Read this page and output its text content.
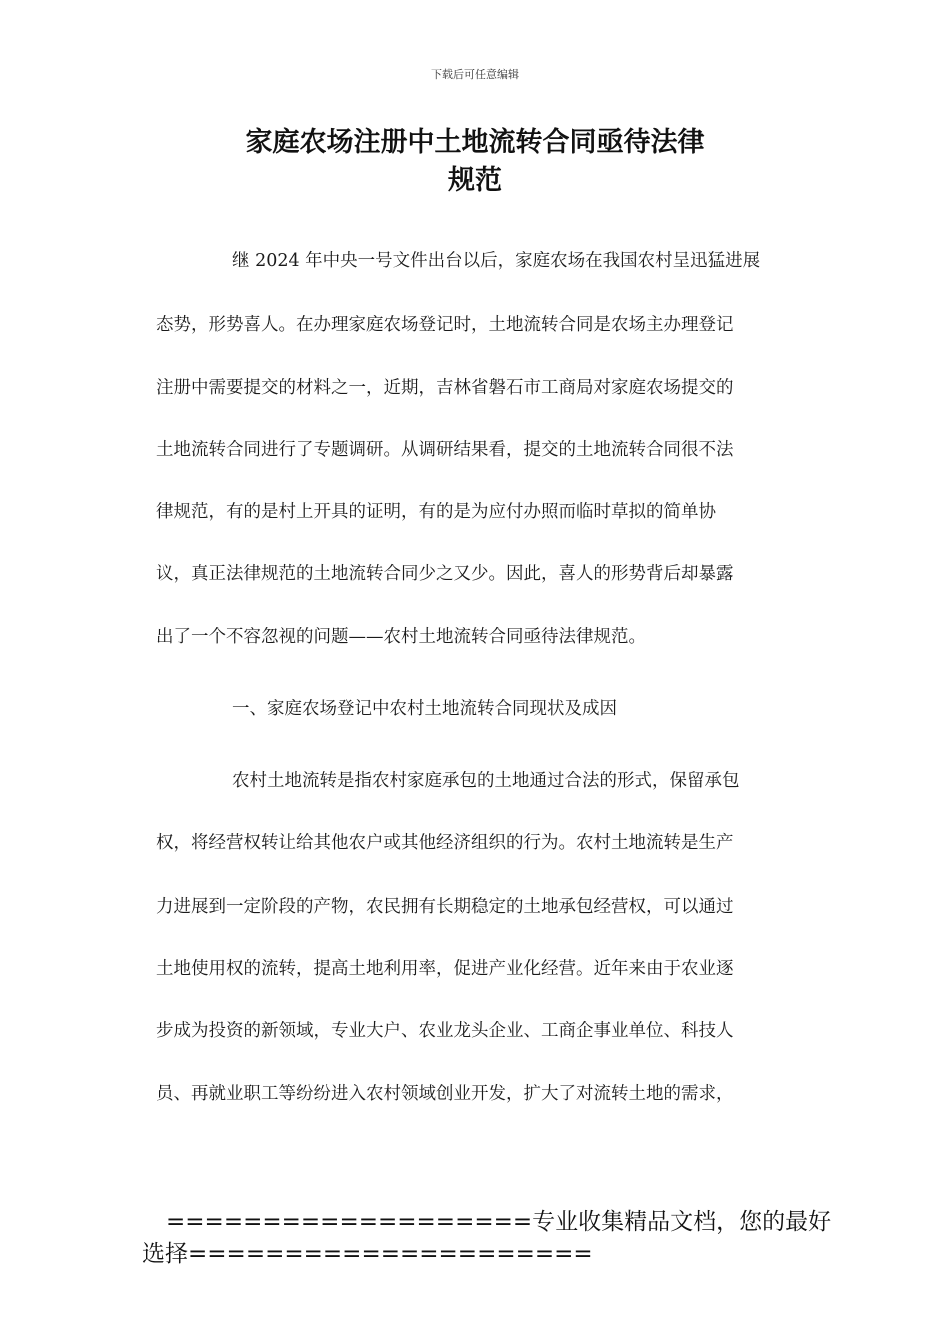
下载后可任意编辑
家庭农场注册中土地流转合同亟待法律
规范
继 2024 年中央一号文件出台以后，家庭农场在我国农村呈迅猛进展
态势，形势喜人。在办理家庭农场登记时，土地流转合同是农场主办理登记
注册中需要提交的材料之一，近期，吉林省磐石市工商局对家庭农场提交的
土地流转合同进行了专题调研。从调研结果看，提交的土地流转合同很不法
律规范，有的是村上开具的证明，有的是为应付办照而临时草拟的简单协
议，真正法律规范的土地流转合同少之又少。因此，喜人的形势背后却暴露
出了一个不容忽视的问题——农村土地流转合同亟待法律规范。
一、家庭农场登记中农村土地流转合同现状及成因
农村土地流转是指农村家庭承包的土地通过合法的形式，保留承包
权，将经营权转让给其他农户或其他经济组织的行为。农村土地流转是生产
力进展到一定阶段的产物，农民拥有长期稳定的土地承包经营权，可以通过
土地使用权的流转，提高土地利用率，促进产业化经营。近年来由于农业逐
步成为投资的新领域，专业大户、农业龙头企业、工商企事业单位、科技人
员、再就业职工等纷纷进入农村领域创业开发，扩大了对流转土地的需求，
===================专业收集精品文档，您的最好
选择=====================
